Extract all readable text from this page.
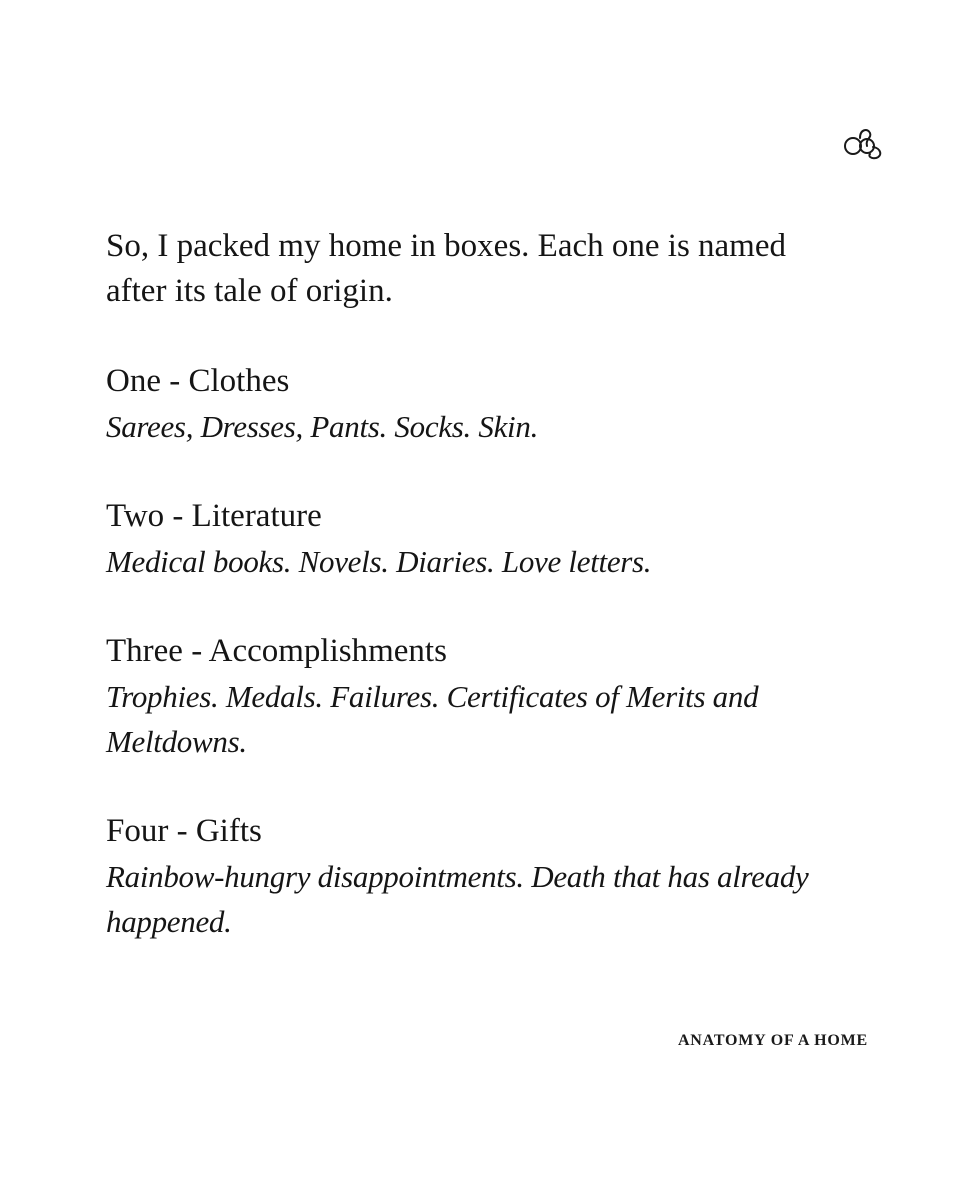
So, I packed my home in boxes. Each one is named after its tale of origin.

One - Clothes
Sarees, Dresses, Pants. Socks. Skin.
Two - Literature
Medical books. Novels. Diaries. Love letters.
Three - Accomplishments
Trophies. Medals. Failures. Certificates of Merits and Meltdowns.
Four - Gifts
Rainbow-hungry disappointments. Death that has already happened.
ANATOMY OF A HOME
